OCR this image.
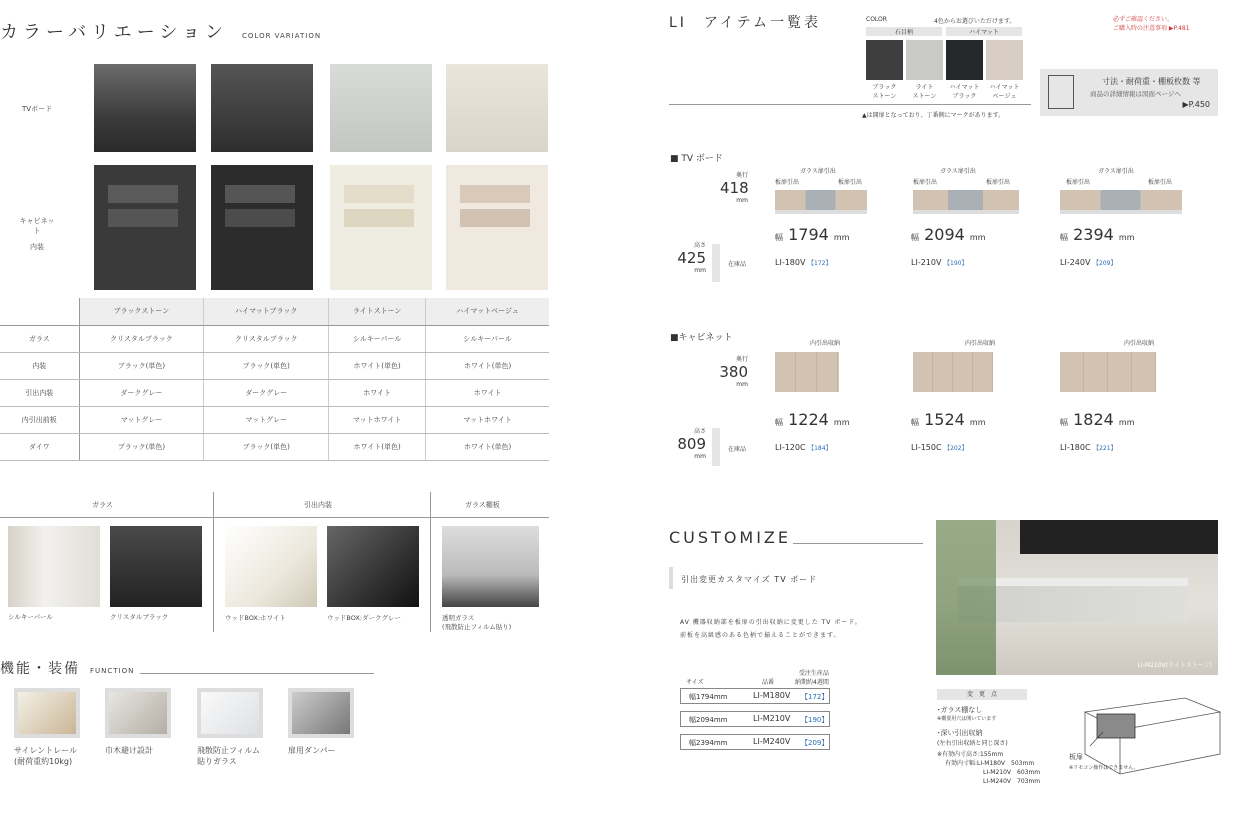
カラーバリエーション COLOR VARIATION
TVボード
キャビネット
内装
	ブラックストーン	ハイマットブラック	ライトストーン	ハイマットベージュ
ガラス	クリスタルブラック	クリスタルブラック	シルキーパール	シルキーパール
内装	ブラック(単色)	ブラック(単色)	ホワイト(単色)	ホワイト(単色)
引出内装	ダークグレー	ダークグレー	ホワイト	ホワイト
内引出前板	マットグレー	マットグレー	マットホワイト	マットホワイト
ダイワ	ブラック(単色)	ブラック(単色)	ホワイト(単色)	ホワイト(単色)
ガラス	引出内装	ガラス棚板
シルキーパール	クリスタルブラック	ウッドBOX:ホワイト	ウッドBOX:ダークグレー	透明ガラス
(飛散防止フィルム貼り)
機能・装備 FUNCTION
サイレントレール
(耐荷重約10kg)
巾木避け設計	飛散防止フィルム
貼りガラス
扉用ダンパー
LI　アイテム一覧表	COLOR	4色からお選びいただけます。
石目柄	ハイマット
ブラック
ストーン
ライト
ストーン
ハイマット
ブラック
ハイマット
ベージュ
必ずご確認ください。
ご購入時の注意事項 ▶P.481
寸法・耐荷重・棚板枚数 等
商品の詳細情報は図面ページへ
▶P.450
▲は開扉となっており、丁番側にマークがあります。
■ TV ボード
奥行
418
mm
高さ
425
mm
在庫品
ガラス扉引出
板扉引出	板扉引出
ガラス扉引出
板扉引出	板扉引出
ガラス扉引出
板扉引出	板扉引出
幅 1794 mm	幅 2094 mm	幅 2394 mm
LI-180V 【172】	LI-210V 【190】	LI-240V 【209】
■キャビネット
奥行
380
mm
高さ
809
mm
在庫品
内引出収納	内引出収納	内引出収納
幅 1224 mm	幅 1524 mm	幅 1824 mm
LI-120C 【184】	LI-150C 【202】	LI-180C 【221】
CUSTOMIZE
引出変更カスタマイズ TV ボード
AV 機器収納部を板扉の引出収納に変更した TV ボード。
前板を高級感のある色柄で揃えることができます。
サイズ	品番
受注生産品
納期約4週間
幅1794mm	LI-M180V 【172】
幅2094mm	LI-M210V 【190】
幅2394mm	LI-M240V 【209】
LI-M210V(ライトストーン)
変　更　点
･ガラス棚なし
※概要用穴は開いています
･深い引出収納
(左右引出収納と同じ深さ)
※有効内寸高さ:155mm
有効内寸幅:LI-M180V　503mm
LI-M210V　603mm
LI-M240V　703mm
板扉
※リモコン操作はできません。
